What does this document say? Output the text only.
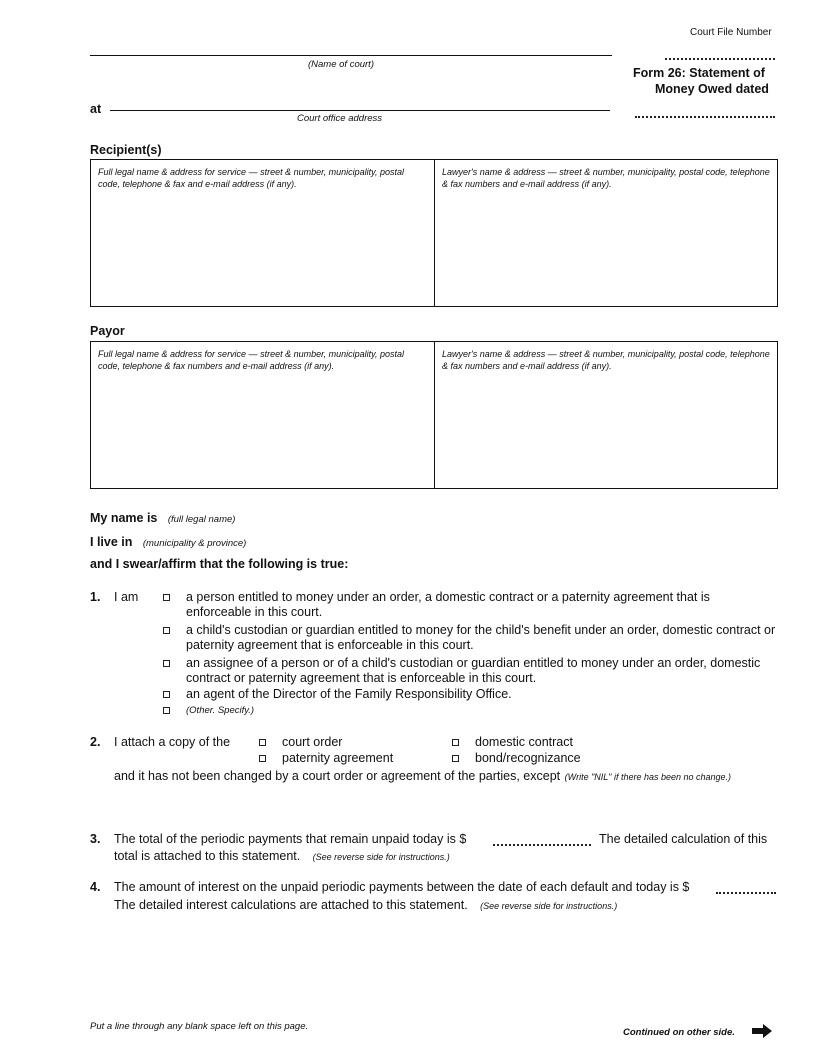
Court File Number
(Name of court)
at
Court office address
Form 26: Statement of
Money Owed dated
Recipient(s)
Full legal name & address for service — street & number, municipality, postal code, telephone & fax and e-mail address (if any).
Lawyer's name & address — street & number, municipality, postal code, telephone & fax numbers and e-mail address (if any).
Payor
Full legal name & address for service — street & number, municipality, postal code, telephone & fax numbers and e-mail address (if any).
Lawyer's name & address — street & number, municipality, postal code, telephone & fax numbers and e-mail address (if any).
My name is (full legal name)
I live in (municipality & province)
and I swear/affirm that the following is true:
1. I am	a person entitled to money under an order, a domestic contract or a paternity agreement that is enforceable in this court.
a child's custodian or guardian entitled to money for the child's benefit under an order, domestic contract or paternity agreement that is enforceable in this court.
an assignee of a person or of a child's custodian or guardian entitled to money under an order, domestic contract or paternity agreement that is enforceable in this court.
an agent of the Director of the Family Responsibility Office.
(Other. Specify.)
2. I attach a copy of the	court order	domestic contract
paternity agreement	bond/recognizance
and it has not been changed by a court order or agreement of the parties, except (Write "NIL" if there has been no change.)
3. The total of the periodic payments that remain unpaid today is $	The detailed calculation of this
total is attached to this statement. (See reverse side for instructions.)
4. The amount of interest on the unpaid periodic payments between the date of each default and today is $
The detailed interest calculations are attached to this statement. (See reverse side for instructions.)
Put a line through any blank space left on this page.
Continued on other side.
